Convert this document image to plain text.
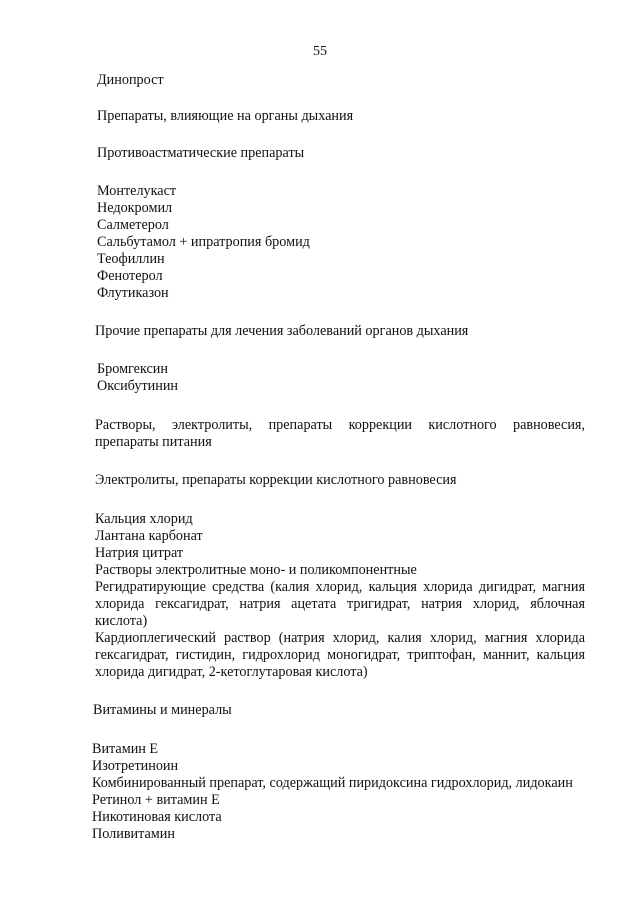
55
Динопрост
Препараты, влияющие на органы дыхания
Противоастматические препараты
Монтелукаст
Недокромил
Салметерол
Сальбутамол + ипратропия бромид
Теофиллин
Фенотерол
Флутиказон
Прочие препараты для лечения заболеваний органов дыхания
Бромгексин
Оксибутинин
Растворы, электролиты, препараты коррекции кислотного равновесия, препараты питания
Электролиты, препараты коррекции кислотного равновесия
Кальция хлорид
Лантана карбонат
Натрия цитрат
Растворы электролитные моно- и поликомпонентные
Регидратирующие средства (калия хлорид, кальция хлорида дигидрат, магния хлорида гексагидрат, натрия ацетата тригидрат, натрия хлорид, яблочная кислота)
Кардиоплегический раствор (натрия хлорид, калия хлорид, магния хлорида гексагидрат, гистидин, гидрохлорид моногидрат, триптофан, маннит, кальция хлорида дигидрат, 2-кетоглутаровая кислота)
Витамины и минералы
Витамин Е
Изотретиноин
Комбинированный препарат, содержащий пиридоксина гидрохлорид, лидокаин
Ретинол + витамин Е
Никотиновая кислота
Поливитамин
